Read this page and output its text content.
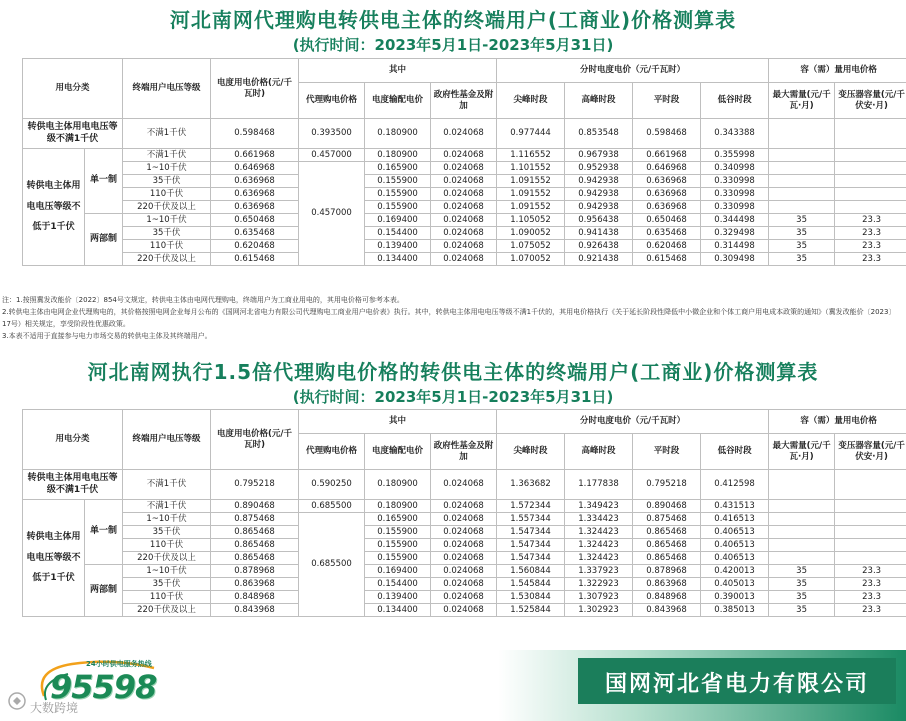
河北南网代理购电转供电主体的终端用户(工商业)价格测算表
(执行时间：2023年5月1日-2023年5月31日)
用电分类		终端用户电压等级	电度用电价格(元/千瓦时)	其中			分时电度电价（元/千瓦时）				容（需）量用电价格	
				代理购电价格	电度输配电价	政府性基金及附加	尖峰时段	高峰时段	平时段	低谷时段	最大需量(元/千瓦·月)	变压器容量(元/千伏安·月)
转供电主体用电电压等级不满1千伏		不满1千伏	0.598468	0.393500	0.180900	0.024068	0.977444	0.853548	0.598468	0.343388		
转供电主体用电电压等级不低于1千伏	单一制	不满1千伏	0.661968	0.457000	0.180900	0.024068	1.116552	0.967938	0.661968	0.355998		
		1~10千伏	0.646968	0.457000	0.165900	0.024068	1.101552	0.952938	0.646968	0.340998		
		35千伏	0.636968		0.155900	0.024068	1.091552	0.942938	0.636968	0.330998		
		110千伏	0.636968		0.155900	0.024068	1.091552	0.942938	0.636968	0.330998		
		220千伏及以上	0.636968		0.155900	0.024068	1.091552	0.942938	0.636968	0.330998		
	两部制	1~10千伏	0.650468		0.169400	0.024068	1.105052	0.956438	0.650468	0.344498	35	23.3
		35千伏	0.635468		0.154400	0.024068	1.090052	0.941438	0.635468	0.329498	35	23.3
		110千伏	0.620468		0.139400	0.024068	1.075052	0.926438	0.620468	0.314498	35	23.3
		220千伏及以上	0.615468		0.134400	0.024068	1.070052	0.921438	0.615468	0.309498	35	23.3

注：1.按照冀发改能价〔2022〕854号文规定，转供电主体由电网代理购电，终端用户为工商业用电的，其用电价格可参考本表。

2.转供电主体由电网企业代理购电的，其价格按照电网企业每月公布的《国网河北省电力有限公司代理购电工商业用户电价表》执行。其中，转供电主体用电电压等级不满1千伏的，其用电价格执行《关于延长阶段性降低中小微企业和个体工商户用电成本政策的通知》（冀发改能价〔2023〕17号）相关规定，享受阶段性优惠政策。

3.本表不适用于直接参与电力市场交易的转供电主体及其终端用户。

河北南网执行1.5倍代理购电价格的转供电主体的终端用户(工商业)价格测算表
(执行时间：2023年5月1日-2023年5月31日)
用电分类		终端用户电压等级	电度用电价格(元/千瓦时)	其中			分时电度电价（元/千瓦时）				容（需）量用电价格	
				代理购电价格	电度输配电价	政府性基金及附加	尖峰时段	高峰时段	平时段	低谷时段	最大需量(元/千瓦·月)	变压器容量(元/千伏安·月)
转供电主体用电电压等级不满1千伏		不满1千伏	0.795218	0.590250	0.180900	0.024068	1.363682	1.177838	0.795218	0.412598		
转供电主体用电电压等级不低于1千伏	单一制	不满1千伏	0.890468	0.685500	0.180900	0.024068	1.572344	1.349423	0.890468	0.431513		
		1~10千伏	0.875468	0.685500	0.165900	0.024068	1.557344	1.334423	0.875468	0.416513		
		35千伏	0.865468		0.155900	0.024068	1.547344	1.324423	0.865468	0.406513		
		110千伏	0.865468		0.155900	0.024068	1.547344	1.324423	0.865468	0.406513		
		220千伏及以上	0.865468		0.155900	0.024068	1.547344	1.324423	0.865468	0.406513		
	两部制	1~10千伏	0.878968		0.169400	0.024068	1.560844	1.337923	0.878968	0.420013	35	23.3
		35千伏	0.863968		0.154400	0.024068	1.545844	1.322923	0.863968	0.405013	35	23.3
		110千伏	0.848968		0.139400	0.024068	1.530844	1.307923	0.848968	0.390013	35	23.3
		220千伏及以上	0.843968		0.134400	0.024068	1.525844	1.302923	0.843968	0.385013	35	23.3
国网河北省电力有限公司
24小时供电服务热线
95598
大数跨境
